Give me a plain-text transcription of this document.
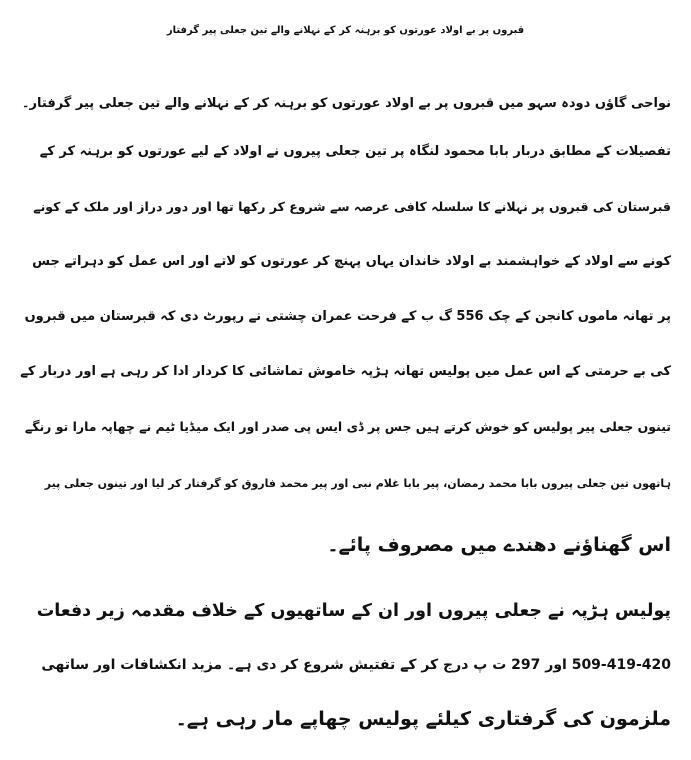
قبروں پر بے اولاد عورتوں کو برہنہ کر کے نہلانے والے تین جعلی پیر گرفتار
نواحی گاؤں دودہ سہو میں قبروں پر بے اولاد عورتوں کو برہنہ کر کے نہلانے والے تین جعلی پیر گرفتار۔
تفصیلات کے مطابق دربار بابا محمود لنگاہ پر تین جعلی پیروں نے اولاد کے لیے عورتوں کو برہنہ کر کے
قبرستان کی قبروں پر نہلانے کا سلسلہ کافی عرصہ سے شروع کر رکھا تھا اور دور دراز اور ملک کے کونے
کونے سے اولاد کے خواہشمند بے اولاد خاندان یہاں پہنچ کر عورتوں کو لاتے اور اس عمل کو دہراتے جس
پر تھانہ ماموں کانجن کے چک 556 گ ب کے فرحت عمران چشتی نے رپورٹ دی کہ قبرستان میں قبروں
کی بے حرمتی کے اس عمل میں پولیس تھانہ ہڑپہ خاموش تماشائی کا کردار ادا کر رہی ہے اور دربار کے
تینوں جعلی پیر پولیس کو خوش کرتے ہیں جس پر ڈی ایس پی صدر اور ایک میڈیا ٹیم نے چھاپہ مارا تو رنگے
ہاتھوں تین جعلی پیروں بابا محمد رمضان، پیر بابا غلام نبی اور پیر محمد فاروق کو گرفتار کر لیا اور تینوں جعلی پیر
اس گھناؤنے دھندے میں مصروف پائے۔
پولیس ہڑپہ نے جعلی پیروں اور ان کے ساتھیوں کے خلاف مقدمہ زیر دفعات
509-419-420 اور 297 ت پ درج کر کے تفتیش شروع کر دی ہے۔ مزید انکشافات اور ساتھی
ملزمون کی گرفتاری کیلئے پولیس چھاپے مار رہی ہے۔
